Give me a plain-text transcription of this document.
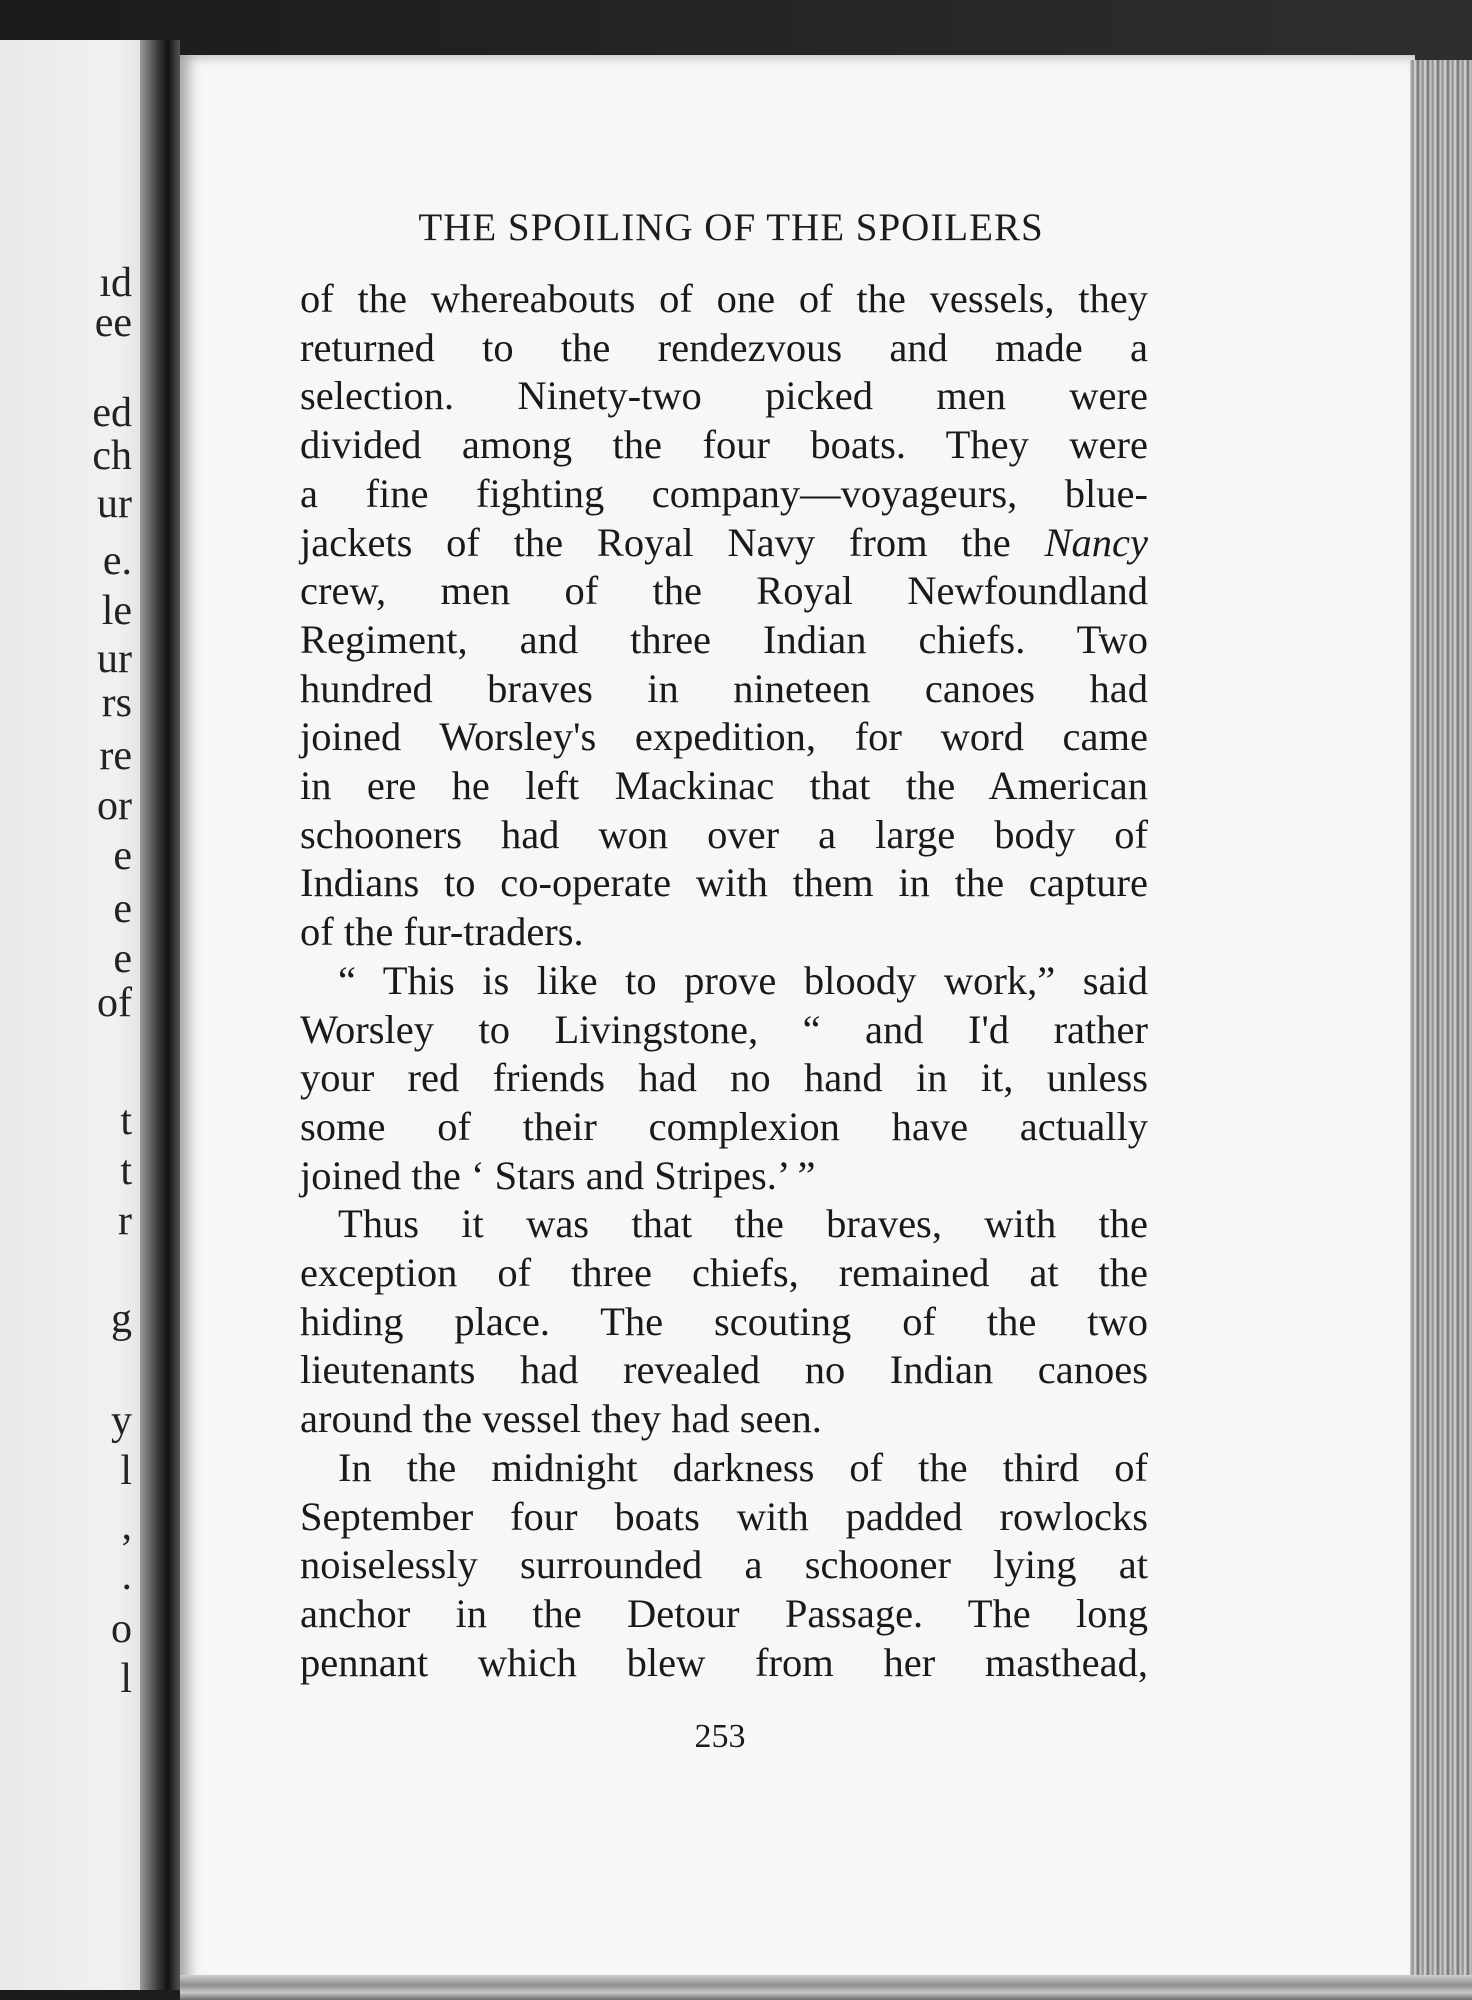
ıd
ee
ed
ch
ur
e.
le
ur
rs
re
or
e
e
e
of
t
t
r
g
y
l
,
.
o
l
THE SPOILING OF THE SPOILERS

of the whereabouts of one of the vessels, they

returned to the rendezvous and made a

selection. Ninety-two picked men were

divided among the four boats. They were

a fine fighting company—voyageurs, blue-

jackets of the Royal Navy from the Nancy

crew, men of the Royal Newfoundland

Regiment, and three Indian chiefs. Two

hundred braves in nineteen canoes had

joined Worsley's expedition, for word came

in ere he left Mackinac that the American

schooners had won over a large body of

Indians to co-operate with them in the capture

of the fur-traders.

“ This is like to prove bloody work,” said

Worsley to Livingstone, “ and I'd rather

your red friends had no hand in it, unless

some of their complexion have actually

joined the ‘ Stars and Stripes.’ ”

Thus it was that the braves, with the

exception of three chiefs, remained at the

hiding place. The scouting of the two

lieutenants had revealed no Indian canoes

around the vessel they had seen.

In the midnight darkness of the third of

September four boats with padded rowlocks

noiselessly surrounded a schooner lying at

anchor in the Detour Passage. The long

pennant which blew from her masthead,

253
